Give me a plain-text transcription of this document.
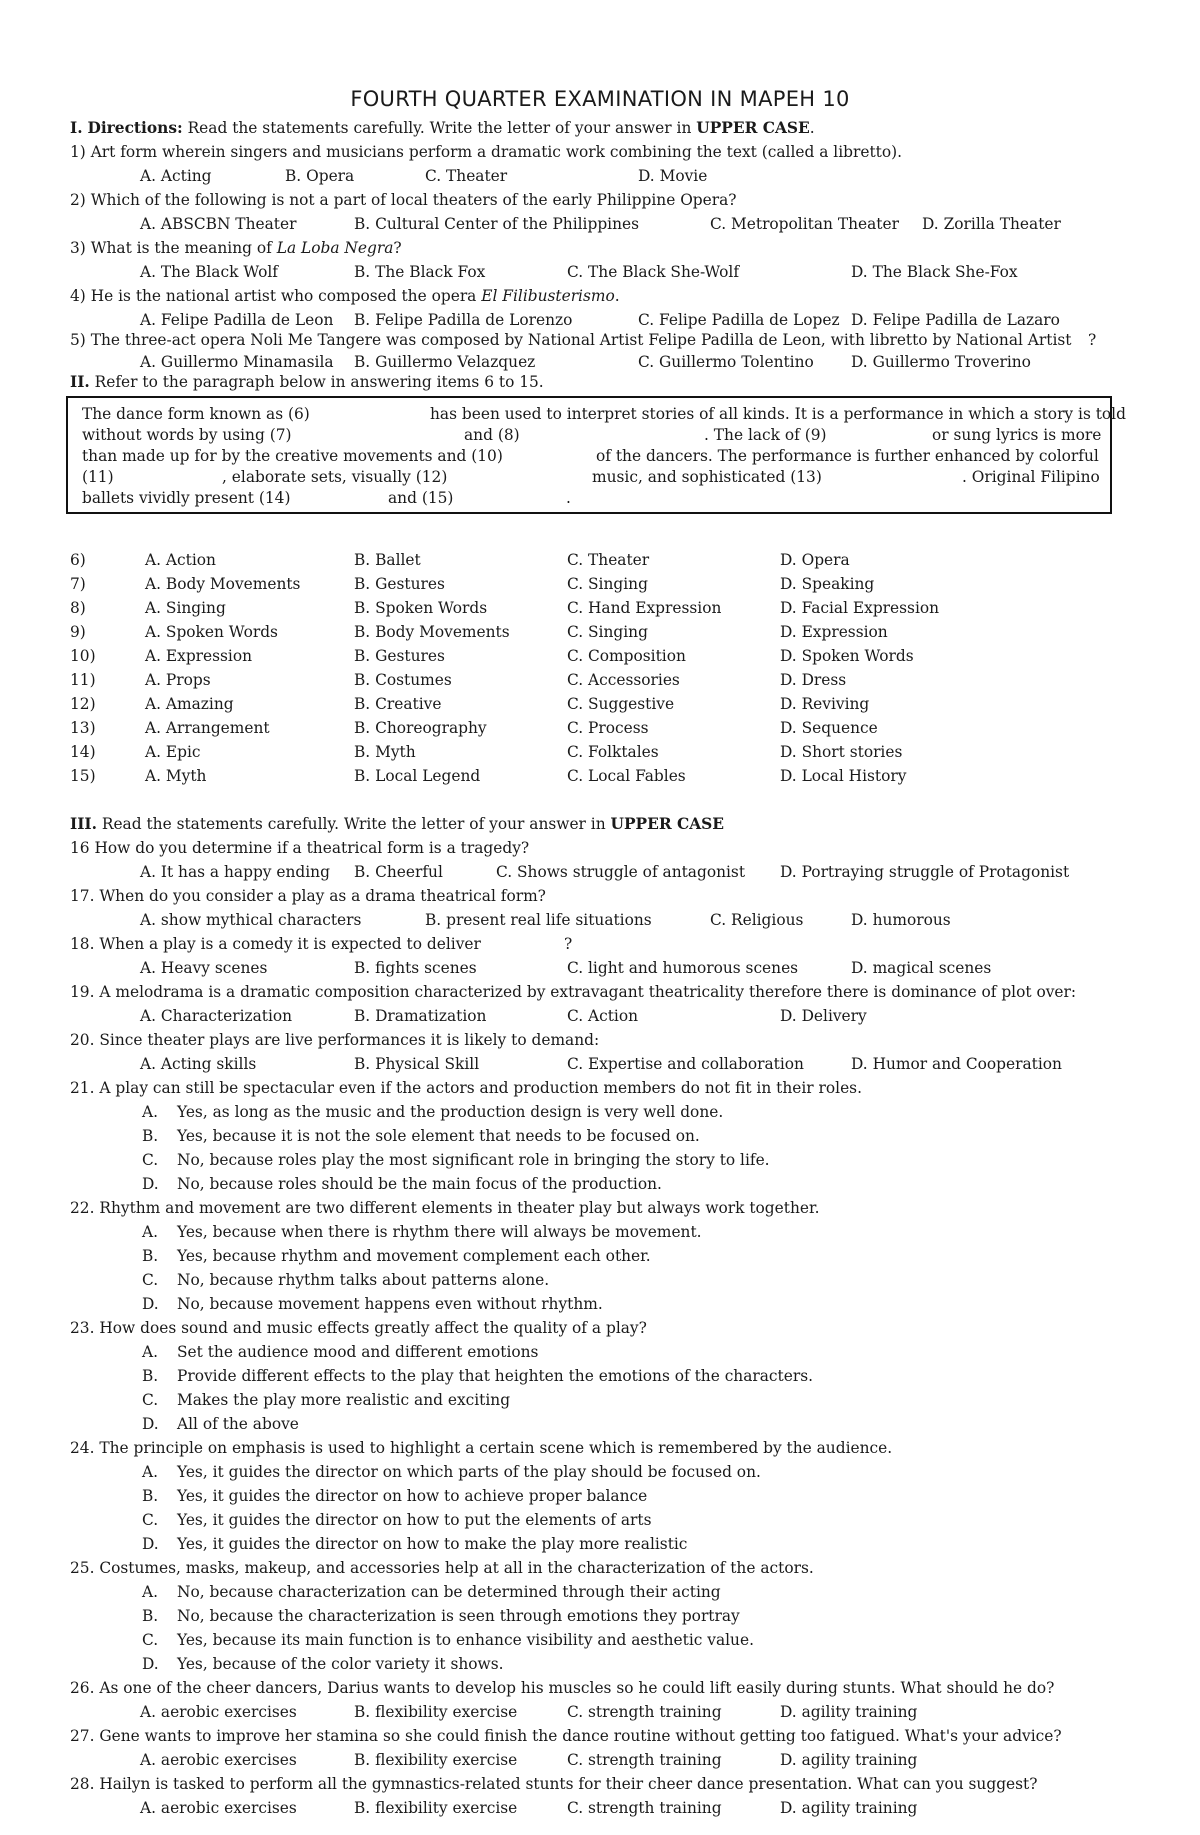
FOURTH QUARTER EXAMINATION IN MAPEH 10
I. Directions: Read the statements carefully. Write the letter of your answer in UPPER CASE.
1) Art form wherein singers and musicians perform a dramatic work combining the text (called a libretto).
A. Acting	B. Opera	C. Theater	D. Movie
2) Which of the following is not a part of local theaters of the early Philippine Opera?
A. ABSCBN Theater	B. Cultural Center of the Philippines	C. Metropolitan Theater D. Zorilla Theater
3) What is the meaning of La Loba Negra?
A. The Black Wolf	B. The Black Fox	C. The Black She-Wolf	D. The Black She-Fox
4) He is the national artist who composed the opera El Filibusterismo.
A. Felipe Padilla de Leon B. Felipe Padilla de Lorenzo	C. Felipe Padilla de Lopez D. Felipe Padilla de Lazaro
5) The three-act opera Noli Me Tangere was composed by National Artist Felipe Padilla de Leon, with libretto by National Artist ?
A. Guillermo Minamasila B. Guillermo Velazquez	C. Guillermo Tolentino D. Guillermo Troverino
II. Refer to the paragraph below in answering items 6 to 15.
The dance form known as (6)	has been used to interpret stories of all kinds. It is a performance in which a story is told
without words by using (7)	and (8)	. The lack of (9)	or sung lyrics is more
than made up for by the creative movements and (10)	of the dancers. The performance is further enhanced by colorful
(11)	, elaborate sets, visually (12)	music, and sophisticated (13)	. Original Filipino
ballets vividly present (14)	and (15)	.
6)	A. Action	B. Ballet	C. Theater	D. Opera
7)	A. Body Movements	B. Gestures	C. Singing	D. Speaking
8)	A. Singing	B. Spoken Words	C. Hand Expression	D. Facial Expression
9)	A. Spoken Words	B. Body Movements	C. Singing	D. Expression
10)	A. Expression	B. Gestures	C. Composition	D. Spoken Words
11)	A. Props	B. Costumes	C. Accessories	D. Dress
12)	A. Amazing	B. Creative	C. Suggestive	D. Reviving
13)	A. Arrangement	B. Choreography	C. Process	D. Sequence
14)	A. Epic	B. Myth	C. Folktales	D. Short stories
15)	A. Myth	B. Local Legend	C. Local Fables	D. Local History
III. Read the statements carefully. Write the letter of your answer in UPPER CASE
16 How do you determine if a theatrical form is a tragedy?
A. It has a happy ending B. Cheerful	C. Shows struggle of antagonist D. Portraying struggle of Protagonist
17. When do you consider a play as a drama theatrical form?
A. show mythical characters	B. present real life situations	C. Religious	D. humorous
18. When a play is a comedy it is expected to deliver	?
A. Heavy scenes	B. fights scenes	C. light and humorous scenes	D. magical scenes
19. A melodrama is a dramatic composition characterized by extravagant theatricality therefore there is dominance of plot over:
A. Characterization	B. Dramatization	C. Action	D. Delivery
20. Since theater plays are live performances it is likely to demand:
A. Acting skills	B. Physical Skill	C. Expertise and collaboration	D. Humor and Cooperation
21. A play can still be spectacular even if the actors and production members do not fit in their roles.
A. Yes, as long as the music and the production design is very well done.
B. Yes, because it is not the sole element that needs to be focused on.
C. No, because roles play the most significant role in bringing the story to life.
D. No, because roles should be the main focus of the production.
22. Rhythm and movement are two different elements in theater play but always work together.
A. Yes, because when there is rhythm there will always be movement.
B. Yes, because rhythm and movement complement each other.
C. No, because rhythm talks about patterns alone.
D. No, because movement happens even without rhythm.
23. How does sound and music effects greatly affect the quality of a play?
A. Set the audience mood and different emotions
B. Provide different effects to the play that heighten the emotions of the characters.
C. Makes the play more realistic and exciting
D. All of the above
24. The principle on emphasis is used to highlight a certain scene which is remembered by the audience.
A. Yes, it guides the director on which parts of the play should be focused on.
B. Yes, it guides the director on how to achieve proper balance
C. Yes, it guides the director on how to put the elements of arts
D. Yes, it guides the director on how to make the play more realistic
25. Costumes, masks, makeup, and accessories help at all in the characterization of the actors.
A. No, because characterization can be determined through their acting
B. No, because the characterization is seen through emotions they portray
C. Yes, because its main function is to enhance visibility and aesthetic value.
D. Yes, because of the color variety it shows.
26. As one of the cheer dancers, Darius wants to develop his muscles so he could lift easily during stunts. What should he do?
A. aerobic exercises	B. flexibility exercise	C. strength training	D. agility training
27. Gene wants to improve her stamina so she could finish the dance routine without getting too fatigued. What's your advice?
A. aerobic exercises	B. flexibility exercise	C. strength training	D. agility training
28. Hailyn is tasked to perform all the gymnastics-related stunts for their cheer dance presentation. What can you suggest?
A. aerobic exercises	B. flexibility exercise	C. strength training	D. agility training
